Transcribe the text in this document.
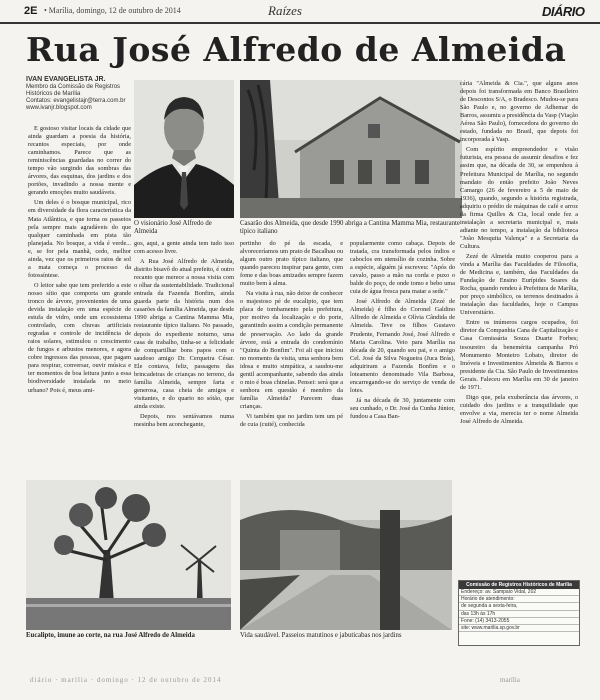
2E • Marília, domingo, 12 de outubro de 2014	Raízes	DIÁRIO
Rua José Alfredo de Almeida
IVAN EVANGELISTA JR.
Membro da Comissão de Registros Históricos de Marília
Contatos: evangelistajr@terra.com.br
www.ivanjr.blogspot.com

E gostoso visitar locais da cidade que ainda guardam a poesia da história, recantos especiais, por onde caminhamos. Parece que as reminiscências guardadas no correr do tempo vão surgindo das sombras das árvores, das esquinas, dos jardins e dos portões, invadindo a nossa mente e gerando emoções muito saudáveis.

Um deles é o bosque municipal, rico em diversidade da flora característica da Mata Atlântica, e que torna os passeios pela sempre mais agradáveis do que qualquer caminhada em pista tão planejada. No bosque, a vida é verde... e, se for pela manhã, cedo, melhor ainda, vez que os primeiros raios de sol a mata começa o processo da fotossíntese.

O leitor sabe que tem preferido a este nosso sítio que comporta um grande tronco de árvore, provenientes de uma devida instalação em uma espécie de estufa de vidro, onde um ecossistema controlado, com chuvas artificiais regradas e controle de incidência de raios solares, estimulou o crescimento de fungos e arbustos menores, e agora cobre ingressos das pessoas, que pagam para respirar, conversar, ouvir música e ter momentos de boa leitura junto a essa biodiversidade instalada no meio urbano? Pois é, meus ami-

O visionário José Alfredo de Almeida
Casarão dos Almeida, que desde 1990 abriga a Cantina Mamma Mia, restaurante típico italiano

gos, aqui, a gente ainda tem tudo isso com acesso livre.

A Rua José Alfredo de Almeida, distrito bisavô do atual prefeito, é outro recanto que merece a nossa visita com o olhar da sustentabilidade. Tradicional entrada da Fazenda Bonfim, ainda guarda parte da história num dos casarões da família Almeida, que desde 1990 abriga a Cantina Mamma Mia, restaurante típico italiano. No passado, depois do expediente noturno, uma casa de trabalho, tinha-se a felicidade de compartilhar bons papos com o saudoso amigo Dr. Cerqueira César. Ele contava, feliz, passagens das brincadeiras de crianças no terreno, da família Almeida, sempre farta e generosa, casa cheia de amigos e visitantes, e do quarto no sótão, que ainda existe.

Depois, nos sentávamos numa mesinha bem aconchegante,

pertinho do pé da escada, e alvoreceríamos um prato de Bacalhau ou algum outro prato típico italiano, que quando pareceu inspirar para gente, com fome e das boas amizades sempre fazem muito bem à alma.

Na visita à rua, não deixe de conhecer o majestoso pé de eucalipto, que tem placa de tombamento pela prefeitura, por motivo da localização e do porte, garantindo assim a condição permanente de preservação. Ao lado da grande árvore, está a entrada do condomínio "Quinta do Bonfim". Foi ali que iniciou no momento da visita, uma senhora bem idosa e muito simpática, a saudou-me gentil acompanhante, sabendo das ainda o mio é boas chinelas. Pensei: será que a senhora em questão é membro da família Almeida? Parecem duas crianças.

Vi também que no jardim tem um pé de cuia (cuité), conhecida

popularmente como cabaça. Depois de tratada, cra transformada pelos índios e caboclos em utensílio de cozinha. Sobre a espécie, alguém já escreveu: "Após do cavalo, passo a mão na corda e puxo o balde do poço, de onde tomo e bebo uma cuia de água fresca para matar a sede."

José Alfredo de Almeida (Zezé de Almeida) é filho do Coronel Galdino Alfredo de Almeida e Olívia Cândida de Almeida. Teve os filhos Gustavo Prudente, Fernando José, José Alfredo e Maria Carolina. Veio para Marília na década de 20, quando seu pai, e o amigo Cel. José da Silva Nogueira (Juca Brás), adquiriram a Fazenda Bonfim e o loteamento denominado Vila Barbosa, encarregando-se do serviço de venda de lotes.

Já na década de 30, juntamente com seu cunhado, o Dr. José da Cunha Júnior, fundou a Casa Ban-

cária "Almeida & Cia.", que alguns anos depois foi transformada em Banco Brasileiro de Descontos S/A, o Bradesco. Mudou-se para São Paulo e, no governo de Adhemar de Barros, assumiu a presidência da Vasp (Viação Aérea São Paulo), fornecedora do governo do estado, fundada no Brasil, que depois foi incorporada à Vasp.

Com espírito empreendedor e visão futurista, era pessoa de assumir desafios e fez assim que, na década de 30, se empenhou à Prefeitura Municipal de Marília, no segundo mandato do então prefeito João Neves Camargo (26 de fevereiro a 5 de maio de 1936), quando, segundo a história registrada, adquiriu o prédio de máquinas de café e arroz da firma Quilles & Cia, local onde fez a instalação a secretaria municipal e, mais adiante no tempo, a instalação da biblioteca "João Mesquita Valença" e a Secretaria da Cultura.

Zezé de Almeida muito cooperou para a vinda a Marília das Faculdades de Filosofia, de Medicina e, também, das Faculdades da Fundação de Ensino Eurípides Soares da Rocha, quando rendeu à Prefeitura de Marília, por preço simbólico, os terrenos destinados à instalação das faculdades, hoje o Campus Universitário.

Entre os inúmeros cargos ocupados, foi diretor da Companhia Cana de Capitalização e Casa Comissária Souza Duarte Forbes; tesoureiro da benemérita campanha Pró Monumento Monteiro Lobato, diretor de Imóveis e Investimentos Almeida & Barros e presidente da Cia. São Paulo de Investimentos Gerais. Faleceu em Marília em 30 de janeiro de 1971.

Digo que, pela exuberância das árvores, o cuidado dos jardins e a tranquilidade que envolve a via, merecia ter o nome Almeida José Alfredo de Almeida.

Eucalipto, imune ao corte, na rua José Alfredo de Almeida	Vida saudável. Passeios matutinos e jabuticabas nos jardins
Comissão de Registros Históricos de Marília
Endereço: av. Sampaio Vidal, 202
Horário de atendimento:
de segunda a sexta-feira,
das 13h às 17h
Fone: (14) 3413-2055
site: www.marilia.sp.gov.br
diário · marília · domingo · 12 de outubro de 2014	marília
